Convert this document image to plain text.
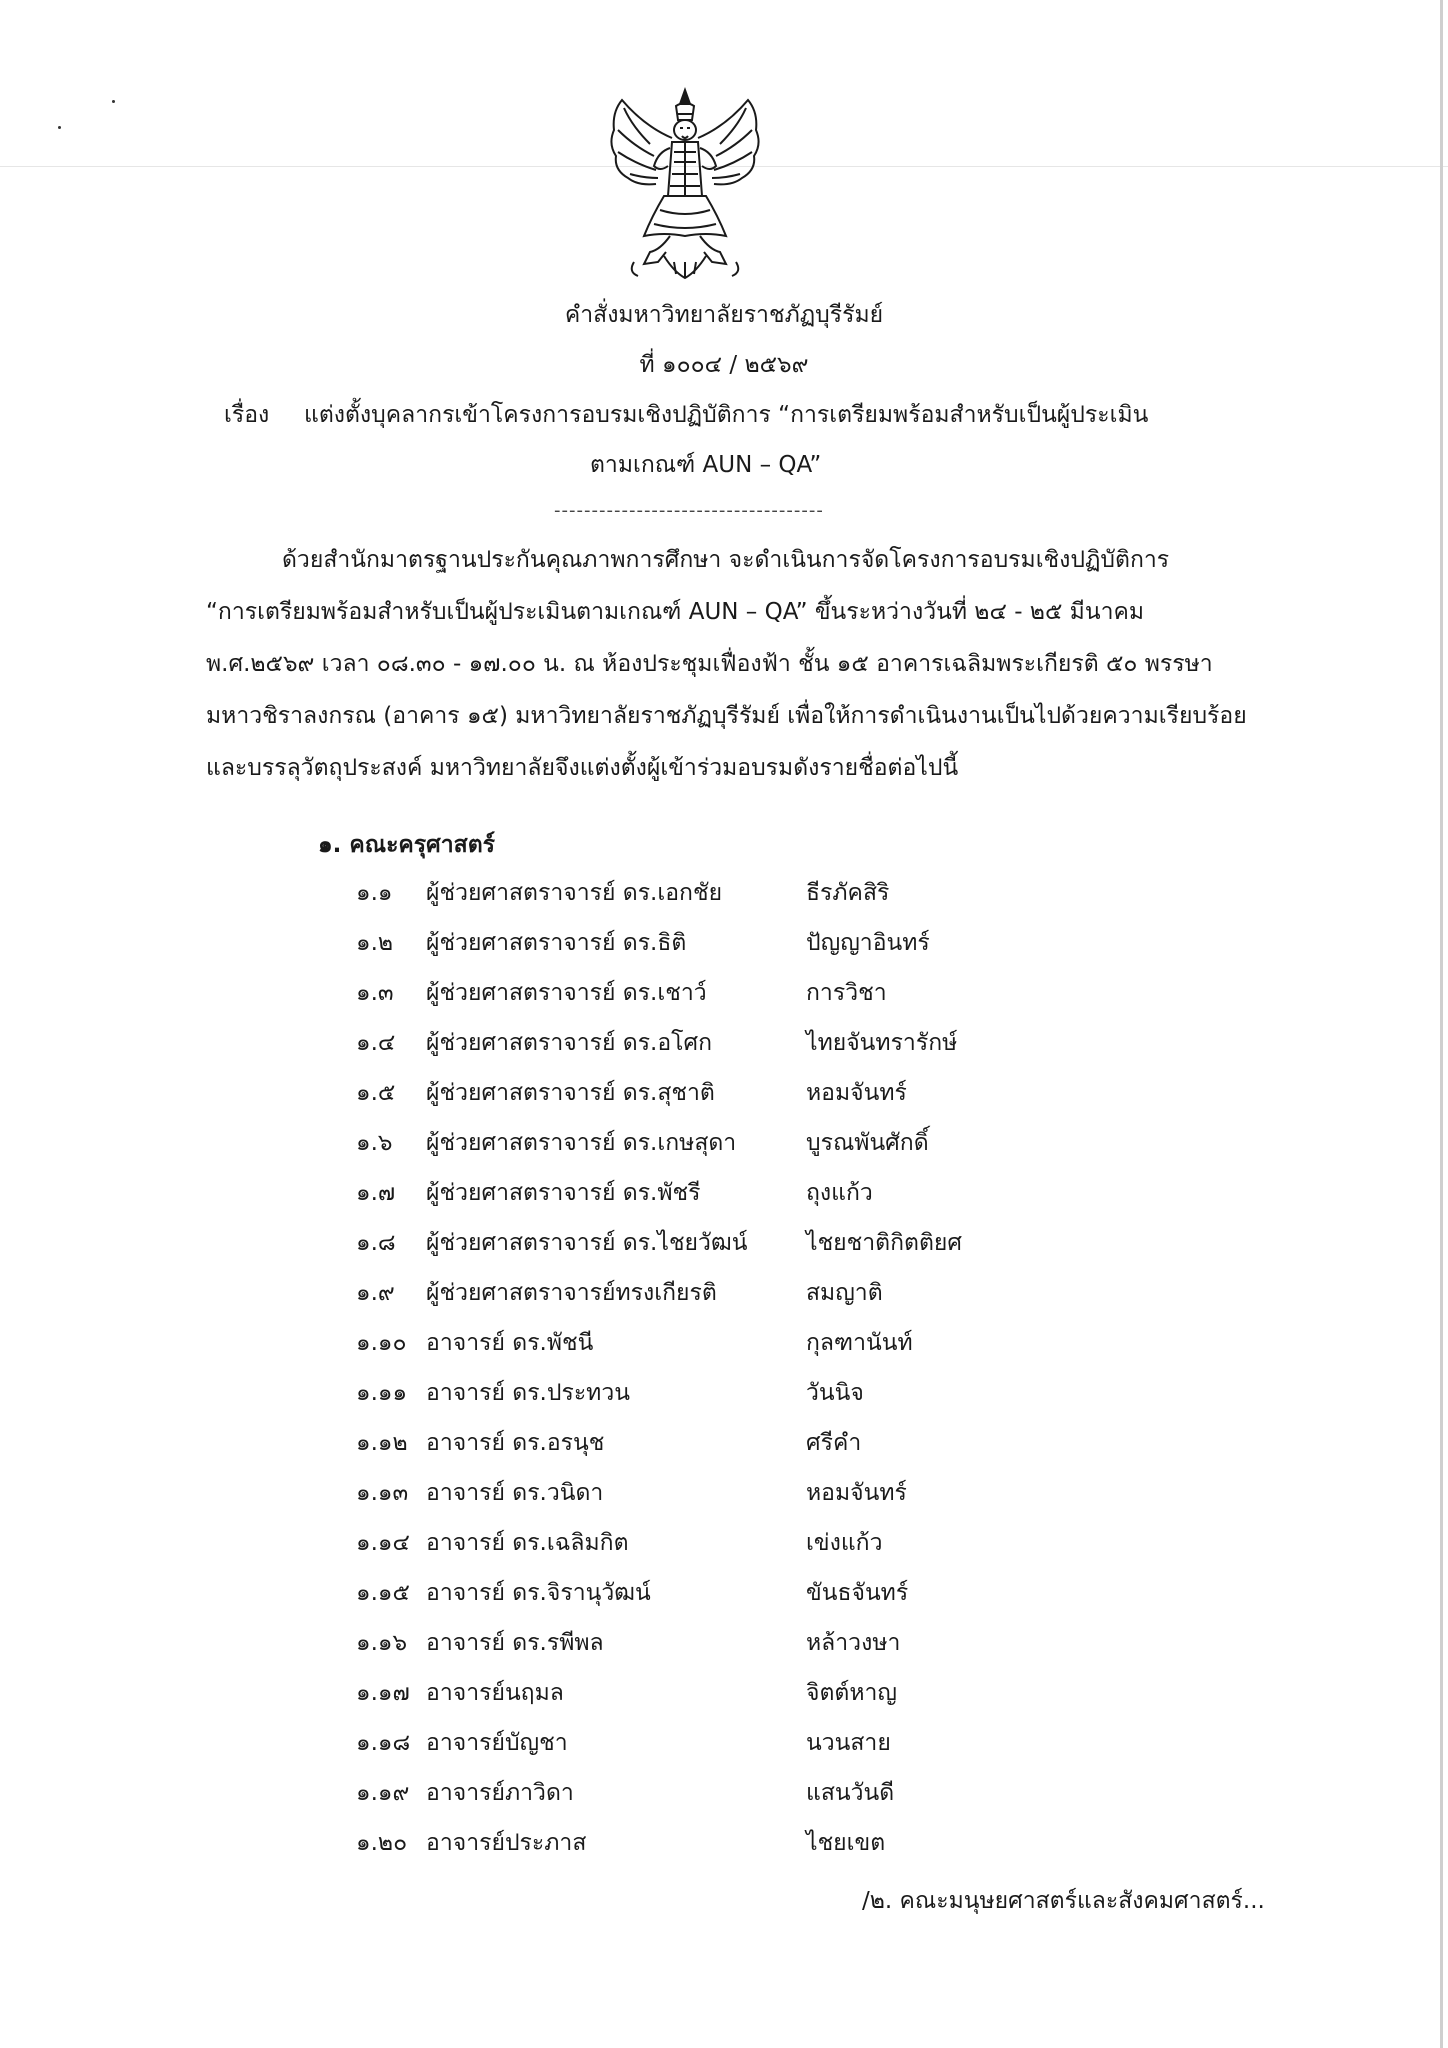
คำสั่งมหาวิทยาลัยราชภัฏบุรีรัมย์
ที่ ๑๐๐๔ / ๒๕๖๙
เรื่อง แต่งตั้งบุคลากรเข้าโครงการอบรมเชิงปฏิบัติการ “การเตรียมพร้อมสำหรับเป็นผู้ประเมิน
ตามเกณฑ์ AUN – QA”
------------------------------------
ด้วยสำนักมาตรฐานประกันคุณภาพการศึกษา จะดำเนินการจัดโครงการอบรมเชิงปฏิบัติการ
“การเตรียมพร้อมสำหรับเป็นผู้ประเมินตามเกณฑ์ AUN – QA” ขึ้นระหว่างวันที่ ๒๔ - ๒๕ มีนาคม
พ.ศ.๒๕๖๙ เวลา ๐๘.๓๐ - ๑๗.๐๐ น. ณ ห้องประชุมเฟื่องฟ้า ชั้น ๑๕ อาคารเฉลิมพระเกียรติ ๕๐ พรรษา
มหาวชิราลงกรณ (อาคาร ๑๕) มหาวิทยาลัยราชภัฏบุรีรัมย์ เพื่อให้การดำเนินงานเป็นไปด้วยความเรียบร้อย
และบรรลุวัตถุประสงค์ มหาวิทยาลัยจึงแต่งตั้งผู้เข้าร่วมอบรมดังรายชื่อต่อไปนี้
๑. คณะครุศาสตร์
๑.๑ ผู้ช่วยศาสตราจารย์ ดร.เอกชัย	ธีรภัคสิริ
๑.๒ ผู้ช่วยศาสตราจารย์ ดร.ธิติ	ปัญญาอินทร์
๑.๓ ผู้ช่วยศาสตราจารย์ ดร.เชาว์	การวิชา
๑.๔ ผู้ช่วยศาสตราจารย์ ดร.อโศก	ไทยจันทรารักษ์
๑.๕ ผู้ช่วยศาสตราจารย์ ดร.สุชาติ	หอมจันทร์
๑.๖ ผู้ช่วยศาสตราจารย์ ดร.เกษสุดา	บูรณพันศักดิ์
๑.๗ ผู้ช่วยศาสตราจารย์ ดร.พัชรี	ถุงแก้ว
๑.๘ ผู้ช่วยศาสตราจารย์ ดร.ไชยวัฒน์	ไชยชาติกิตติยศ
๑.๙ ผู้ช่วยศาสตราจารย์ทรงเกียรติ	สมญาติ
๑.๑๐ อาจารย์ ดร.พัชนี	กุลฑานันท์
๑.๑๑ อาจารย์ ดร.ประทวน	วันนิจ
๑.๑๒ อาจารย์ ดร.อรนุช	ศรีคำ
๑.๑๓ อาจารย์ ดร.วนิดา	หอมจันทร์
๑.๑๔ อาจารย์ ดร.เฉลิมกิต	เข่งแก้ว
๑.๑๕ อาจารย์ ดร.จิรานุวัฒน์	ขันธจันทร์
๑.๑๖ อาจารย์ ดร.รพีพล	หล้าวงษา
๑.๑๗ อาจารย์นฤมล	จิตต์หาญ
๑.๑๘ อาจารย์บัญชา	นวนสาย
๑.๑๙ อาจารย์ภาวิดา	แสนวันดี
๑.๒๐ อาจารย์ประภาส	ไชยเขต
/๒. คณะมนุษยศาสตร์และสังคมศาสตร์...
